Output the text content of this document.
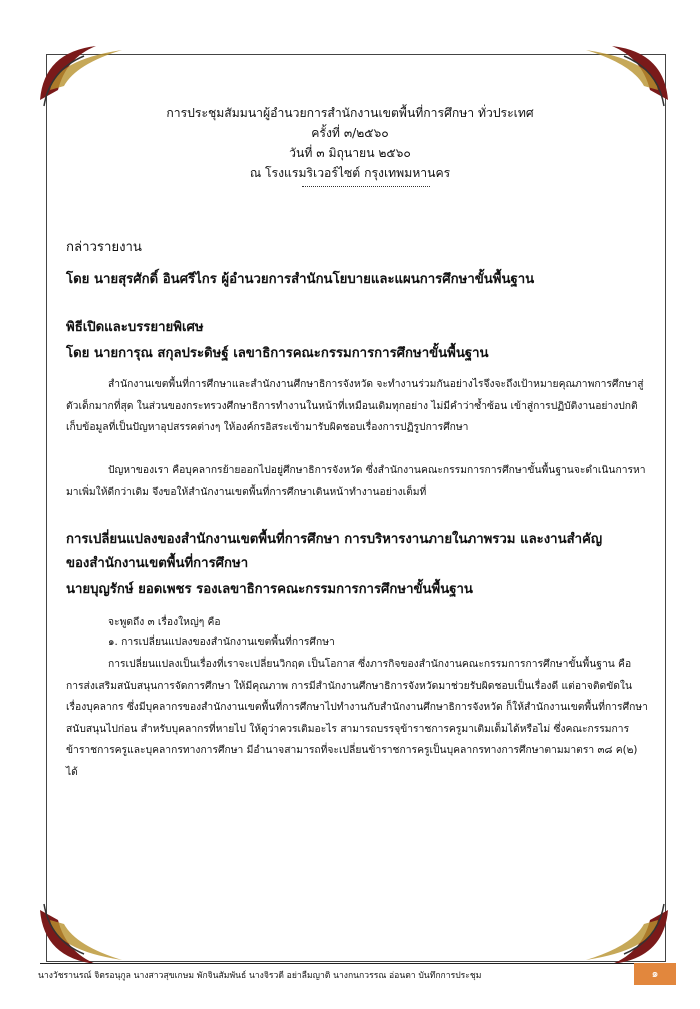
การประชุมสัมมนาผู้อำนวยการสำนักงานเขตพื้นที่การศึกษา ทั่วประเทศ
ครั้งที่ ๓/๒๕๖๐
วันที่ ๓ มิถุนายน ๒๕๖๐
ณ โรงแรมริเวอร์ไซต์ กรุงเทพมหานคร
กล่าวรายงาน
โดย นายสุรศักดิ์ อินศรีไกร ผู้อำนวยการสำนักนโยบายและแผนการศึกษาขั้นพื้นฐาน
พิธีเปิดและบรรยายพิเศษ
โดย นายการุณ สกุลประดิษฐ์ เลขาธิการคณะกรรมการการศึกษาขั้นพื้นฐาน
สำนักงานเขตพื้นที่การศึกษาและสำนักงานศึกษาธิการจังหวัด จะทำงานร่วมกันอย่างไรจึงจะถึงเป้าหมายคุณภาพการศึกษาสู่ตัวเด็กมากที่สุด ในส่วนของกระทรวงศึกษาธิการทำงานในหน้าที่เหมือนเดิมทุกอย่าง ไม่มีคำว่าซ้ำซ้อน เข้าสู่การปฏิบัติงานอย่างปกติ เก็บข้อมูลที่เป็นปัญหาอุปสรรคต่างๆ ให้องค์กรอิสระเข้ามารับผิดชอบเรื่องการปฏิรูปการศึกษา
ปัญหาของเรา คือบุคลากรย้ายออกไปอยู่ศึกษาธิการจังหวัด ซึ่งสำนักงานคณะกรรมการการศึกษาขั้นพื้นฐานจะดำเนินการหามาเพิ่มให้ดีกว่าเดิม จึงขอให้สำนักงานเขตพื้นที่การศึกษาเดินหน้าทำงานอย่างเต็มที่
การเปลี่ยนแปลงของสำนักงานเขตพื้นที่การศึกษา การบริหารงานภายในภาพรวม และงานสำคัญ
ของสำนักงานเขตพื้นที่การศึกษา
นายบุญรักษ์ ยอดเพชร รองเลขาธิการคณะกรรมการการศึกษาขั้นพื้นฐาน
จะพูดถึง ๓ เรื่องใหญ่ๆ คือ
๑. การเปลี่ยนแปลงของสำนักงานเขตพื้นที่การศึกษา
การเปลี่ยนแปลงเป็นเรื่องที่เราจะเปลี่ยนวิกฤต เป็นโอกาส ซึ่งภารกิจของสำนักงานคณะกรรมการการศึกษาขั้นพื้นฐาน คือการส่งเสริมสนับสนุนการจัดการศึกษา ให้มีคุณภาพ การมีสำนักงานศึกษาธิการจังหวัดมาช่วยรับผิดชอบเป็นเรื่องดี แต่อาจติดขัดในเรื่องบุคลากร ซึ่งมีบุคลากรของสำนักงานเขตพื้นที่การศึกษาไปทำงานกับสำนักงานศึกษาธิการจังหวัด ก็ให้สำนักงานเขตพื้นที่การศึกษาสนับสนุนไปก่อน สำหรับบุคลากรที่หายไป ให้ดูว่าควรเติมอะไร สามารถบรรจุข้าราชการครูมาเติมเต็มได้หรือไม่ ซึ่งคณะกรรมการข้าราชการครูและบุคลากรทางการศึกษา มีอำนาจสามารถที่จะเปลี่ยนข้าราชการครูเป็นบุคลากรทางการศึกษาตามมาตรา ๓๘ ค(๒) ได้
นางวัชรานรณ์ จิตรอนุกูล นางสาวสุขเกษม พักจินสัมพันธ์ นางจิรวดี อย่าลืมญาติ นางกนกวรรณ อ่อนตา บันทึกการประชุม	๑
